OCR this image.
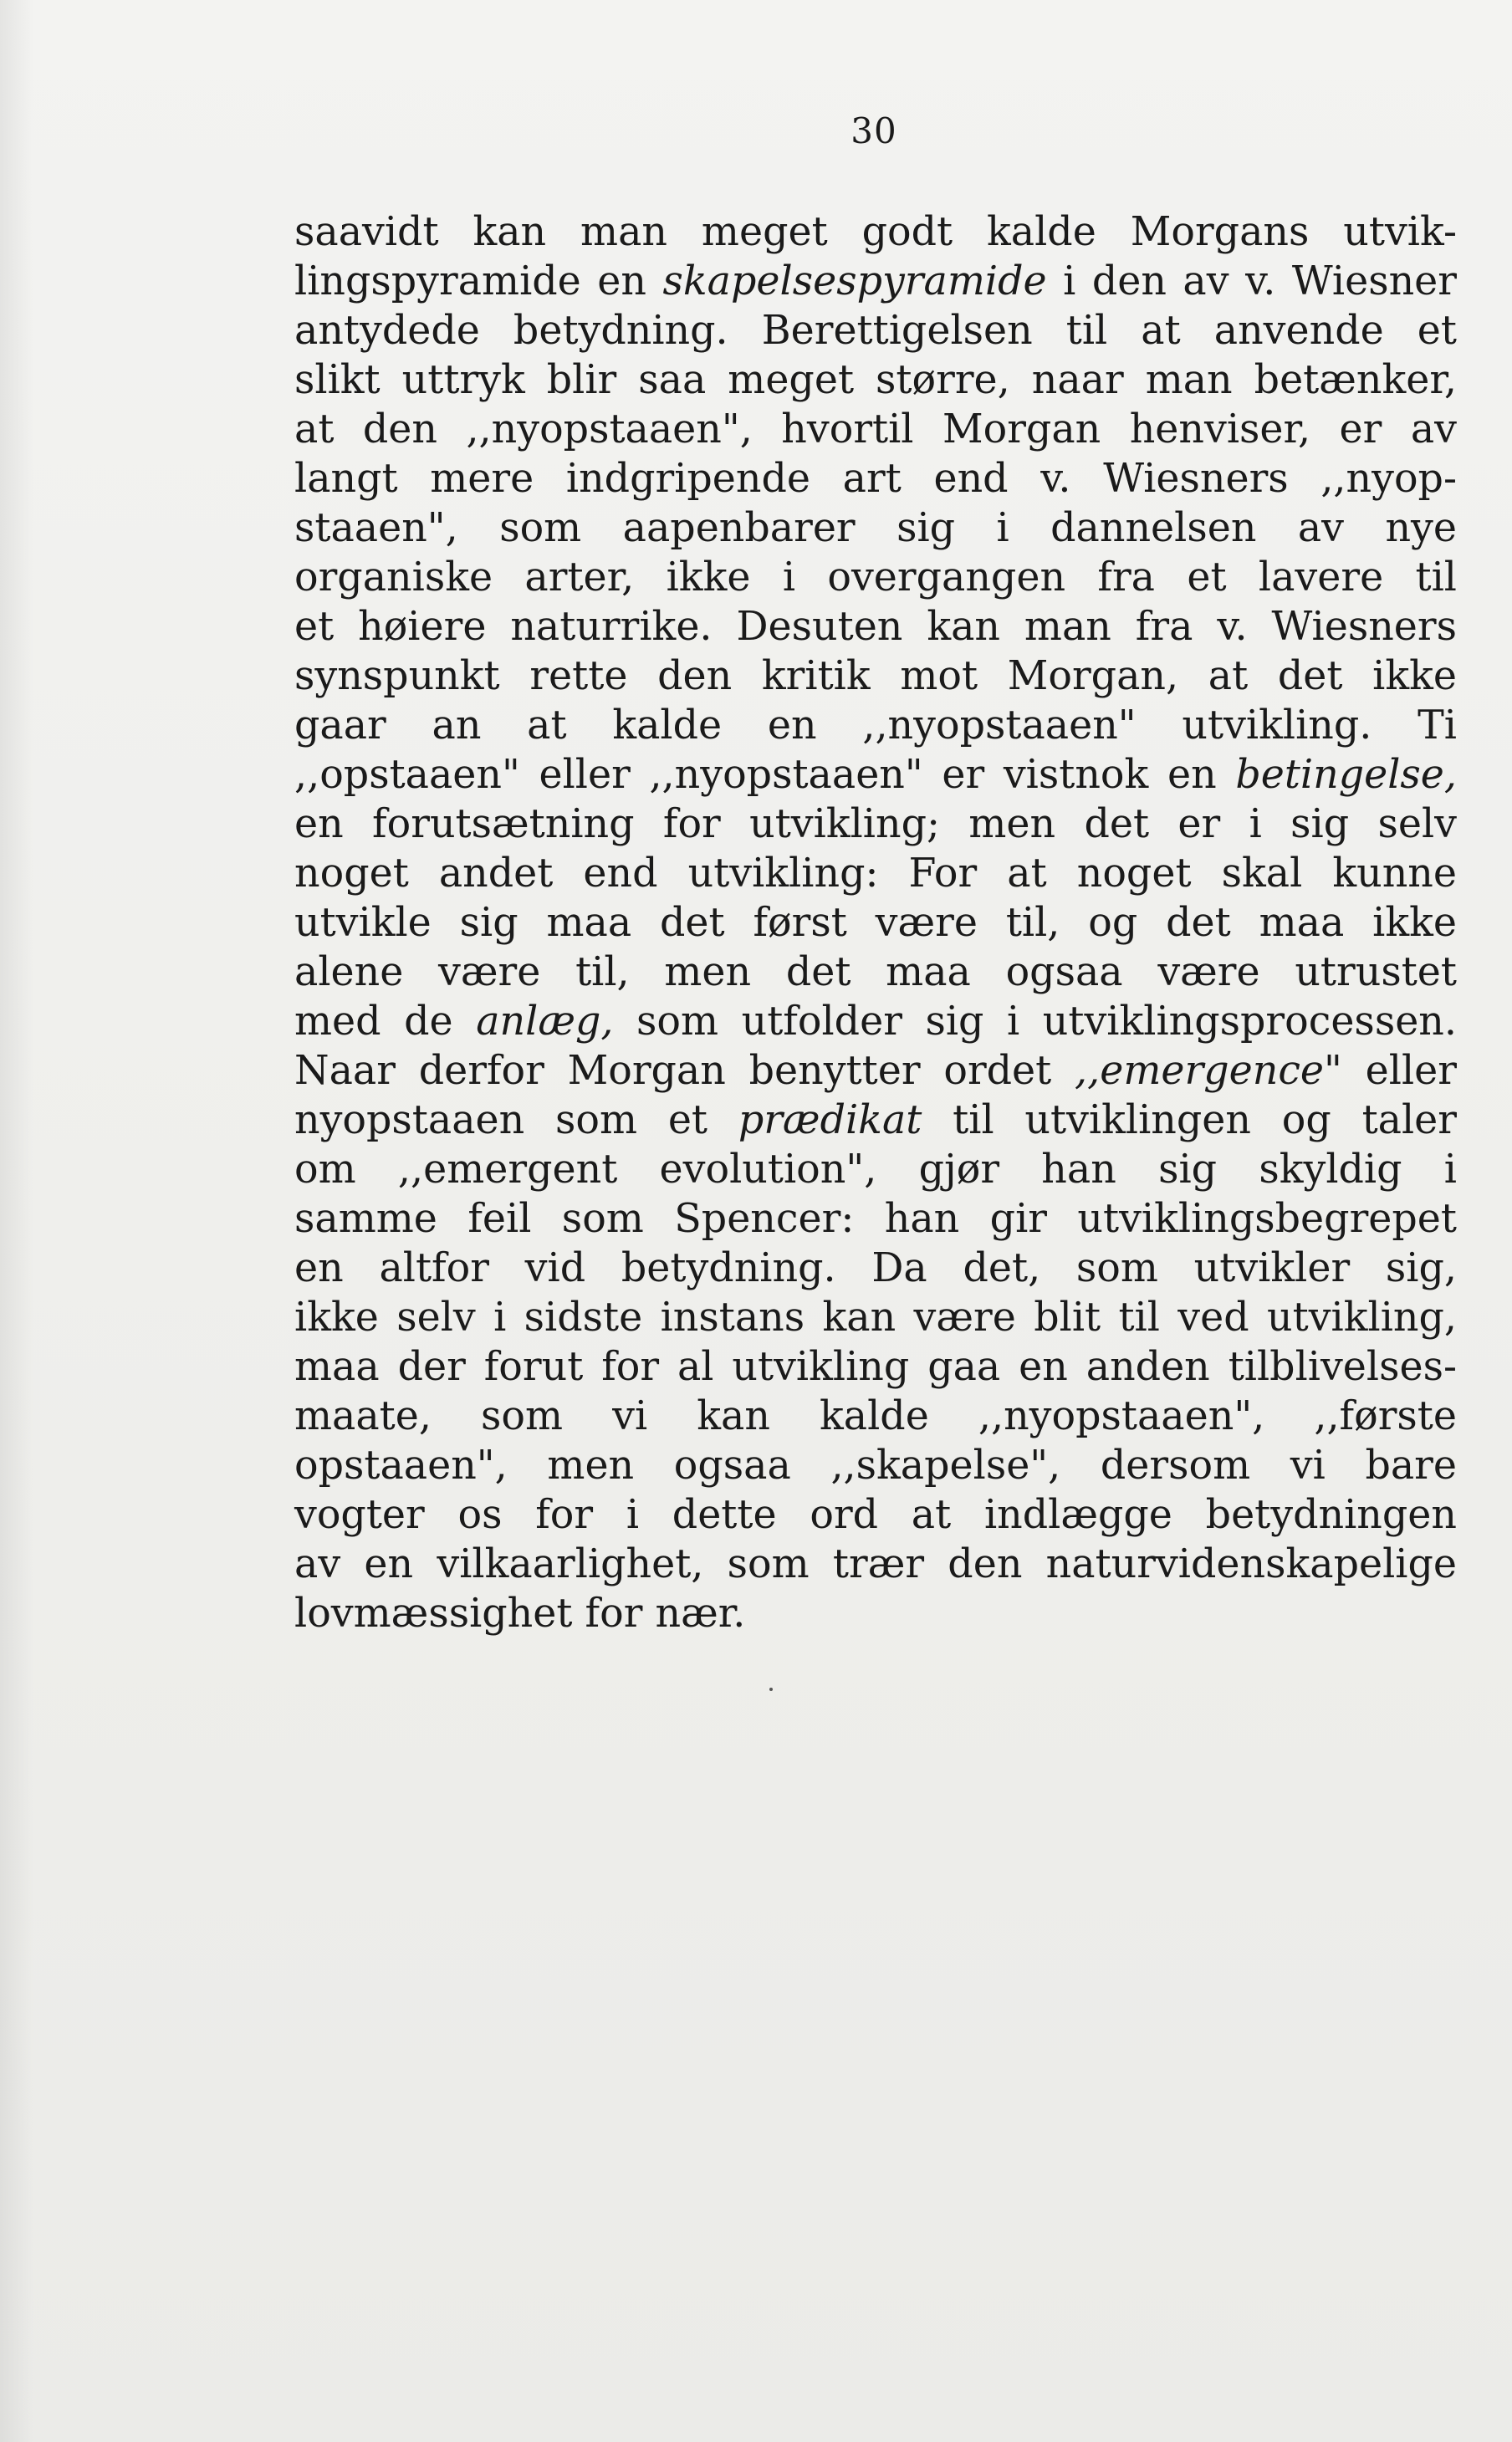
30
saavidt kan man meget godt kalde Morgans utvik-
lingspyramide en skapelsespyramide i den av v. Wiesner
antydede betydning. Berettigelsen til at anvende et
slikt uttryk blir saa meget større, naar man betænker,
at den ,,nyopstaaen", hvortil Morgan henviser, er av
langt mere indgripende art end v. Wiesners ,,nyop-
staaen", som aapenbarer sig i dannelsen av nye
organiske arter, ikke i overgangen fra et lavere til
et høiere naturrike. Desuten kan man fra v. Wiesners
synspunkt rette den kritik mot Morgan, at det ikke
gaar an at kalde en ,,nyopstaaen" utvikling. Ti
,,opstaaen" eller ,,nyopstaaen" er vistnok en betingelse,
en forutsætning for utvikling; men det er i sig selv
noget andet end utvikling: For at noget skal kunne
utvikle sig maa det først være til, og det maa ikke
alene være til, men det maa ogsaa være utrustet
med de anlæg, som utfolder sig i utviklingsprocessen.
Naar derfor Morgan benytter ordet ,,emergence" eller
nyopstaaen som et prædikat til utviklingen og taler
om ,,emergent evolution", gjør han sig skyldig i
samme feil som Spencer: han gir utviklingsbegrepet
en altfor vid betydning. Da det, som utvikler sig,
ikke selv i sidste instans kan være blit til ved utvikling,
maa der forut for al utvikling gaa en anden tilblivelses-
maate, som vi kan kalde ,,nyopstaaen", ,,første
opstaaen", men ogsaa ,,skapelse", dersom vi bare
vogter os for i dette ord at indlægge betydningen
av en vilkaarlighet, som trær den naturvidenskapelige
lovmæssighet for nær.
